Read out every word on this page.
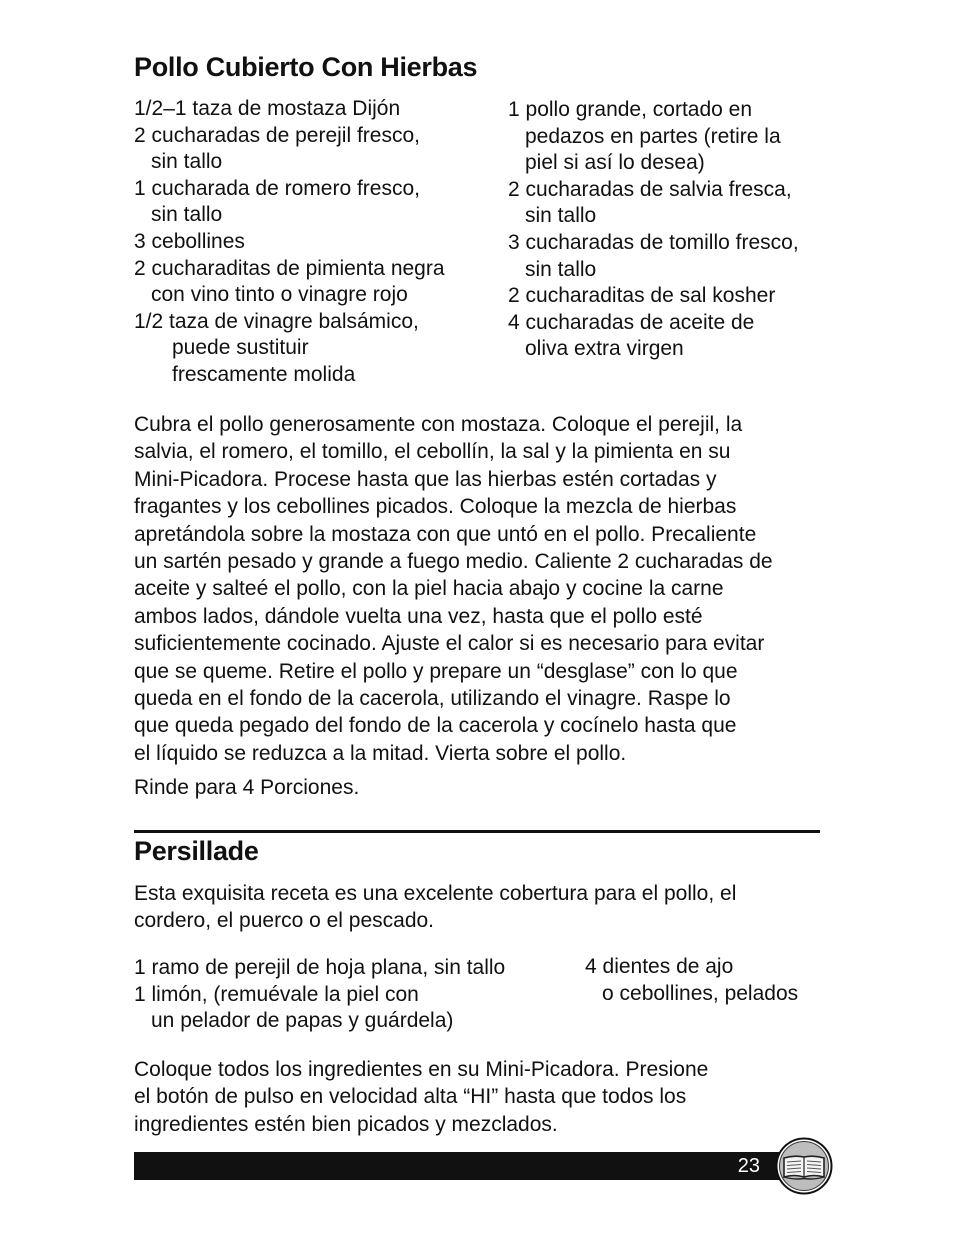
Pollo Cubierto Con Hierbas
1/2–1 taza de mostaza Dijón
2 cucharadas de perejil fresco,
sin tallo
1 cucharada de romero fresco,
sin tallo
3 cebollines
2 cucharaditas de pimienta negra
con vino tinto o vinagre rojo
1/2 taza de vinagre balsámico,
puede sustituir
frescamente molida
1 pollo grande, cortado en
pedazos en partes (retire la
piel si así lo desea)
2 cucharadas de salvia fresca,
sin tallo
3 cucharadas de tomillo fresco,
sin tallo
2 cucharaditas de sal kosher
4 cucharadas de aceite de
oliva extra virgen

Cubra el pollo generosamente con mostaza. Coloque el perejil, la
salvia, el romero, el tomillo, el cebollín, la sal y la pimienta en su
Mini-Picadora. Procese hasta que las hierbas estén cortadas y
fragantes y los cebollines picados. Coloque la mezcla de hierbas
apretándola sobre la mostaza con que untó en el pollo. Precaliente
un sartén pesado y grande a fuego medio. Caliente 2 cucharadas de
aceite y salteé el pollo, con la piel hacia abajo y cocine la carne
ambos lados, dándole vuelta una vez, hasta que el pollo esté
suficientemente cocinado. Ajuste el calor si es necesario para evitar
que se queme. Retire el pollo y prepare un “desglase” con lo que
queda en el fondo de la cacerola, utilizando el vinagre. Raspe lo
que queda pegado del fondo de la cacerola y cocínelo hasta que
el líquido se reduzca a la mitad. Vierta sobre el pollo.

Rinde para 4 Porciones.

Persillade

Esta exquisita receta es una excelente cobertura para el pollo, el
cordero, el puerco o el pescado.

1 ramo de perejil de hoja plana, sin tallo
1 limón, (remuévale la piel con
un pelador de papas y guárdela)
4 dientes de ajo
o cebollines, pelados

Coloque todos los ingredientes en su Mini-Picadora. Presione
el botón de pulso en velocidad alta “HI” hasta que todos los
ingredientes estén bien picados y mezclados.

23
